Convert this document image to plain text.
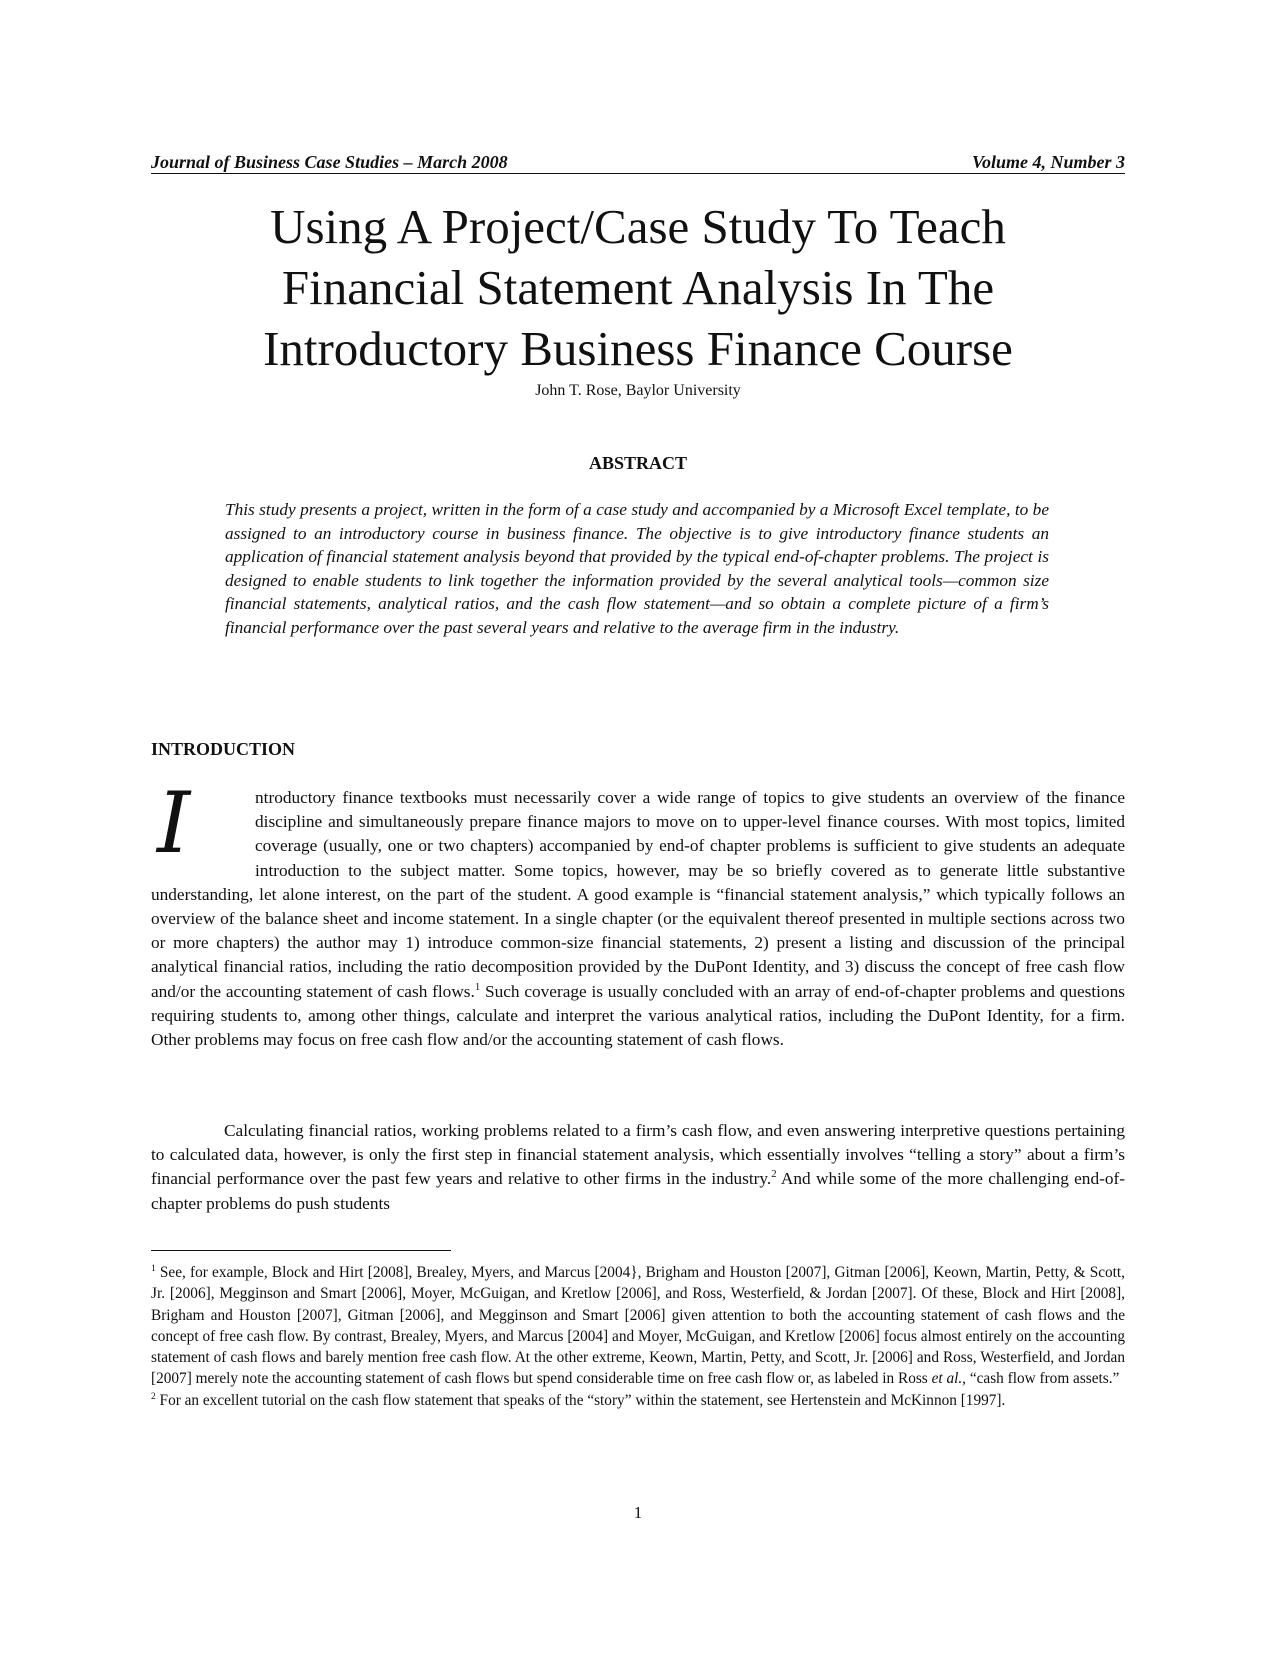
Journal of Business Case Studies – March 2008	Volume 4, Number 3
Using A Project/Case Study To Teach
Financial Statement Analysis In The
Introductory Business Finance Course
John T. Rose, Baylor University
ABSTRACT

This study presents a project, written in the form of a case study and accompanied by a Microsoft Excel template, to be assigned to an introductory course in business finance. The objective is to give introductory finance students an application of financial statement analysis beyond that provided by the typical end-of-chapter problems. The project is designed to enable students to link together the information provided by the several analytical tools—common size financial statements, analytical ratios, and the cash flow statement—and so obtain a complete picture of a firm’s financial performance over the past several years and relative to the average firm in the industry.

INTRODUCTION

I	ntroductory finance textbooks must necessarily cover a wide range of topics to give students an overview of the finance discipline and simultaneously prepare finance majors to move on to upper-level finance courses. With most topics, limited coverage (usually, one or two chapters) accompanied by end-of chapter problems is sufficient to give students an adequate introduction to the subject matter. Some topics, however, may be so briefly covered as to generate little substantive understanding, let alone interest, on the part of the student. A good example is “financial statement analysis,” which typically follows an overview of the balance sheet and income statement. In a single chapter (or the equivalent thereof presented in multiple sections across two or more chapters) the author may 1) introduce common-size financial statements, 2) present a listing and discussion of the principal analytical financial ratios, including the ratio decomposition provided by the DuPont Identity, and 3) discuss the concept of free cash flow and/or the accounting statement of cash flows.$^1$ Such coverage is usually concluded with an array of end-of-chapter problems and questions requiring students to, among other things, calculate and interpret the various analytical ratios, including the DuPont Identity, for a firm. Other problems may focus on free cash flow and/or the accounting statement of cash flows.

Calculating financial ratios, working problems related to a firm’s cash flow, and even answering interpretive questions pertaining to calculated data, however, is only the first step in financial statement analysis, which essentially involves “telling a story” about a firm’s financial performance over the past few years and relative to other firms in the industry.$^2$ And while some of the more challenging end-of-chapter problems do push students

$^1$ See, for example, Block and Hirt [2008], Brealey, Myers, and Marcus [2004}, Brigham and Houston [2007], Gitman [2006], Keown, Martin, Petty, & Scott, Jr. [2006], Megginson and Smart [2006], Moyer, McGuigan, and Kretlow [2006], and Ross, Westerfield, & Jordan [2007]. Of these, Block and Hirt [2008], Brigham and Houston [2007], Gitman [2006], and Megginson and Smart [2006] given attention to both the accounting statement of cash flows and the concept of free cash flow. By contrast, Brealey, Myers, and Marcus [2004] and Moyer, McGuigan, and Kretlow [2006] focus almost entirely on the accounting statement of cash flows and barely mention free cash flow. At the other extreme, Keown, Martin, Petty, and Scott, Jr. [2006] and Ross, Westerfield, and Jordan [2007] merely note the accounting statement of cash flows but spend considerable time on free cash flow or, as labeled in Ross et al., “cash flow from assets.”

$^2$ For an excellent tutorial on the cash flow statement that speaks of the “story” within the statement, see Hertenstein and McKinnon [1997].

1
